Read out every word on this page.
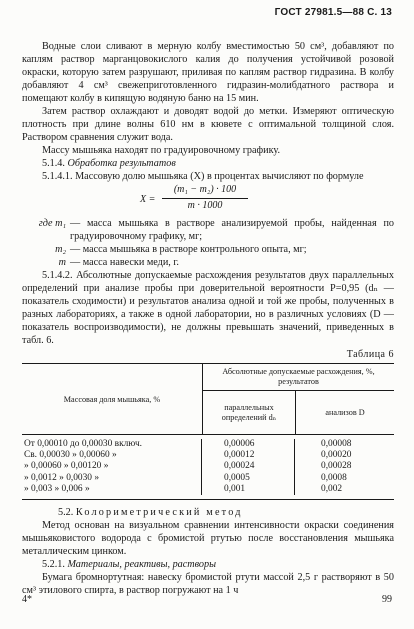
ГОСТ 27981.5—88 С. 13

Водные слои сливают в мерную колбу вместимостью 50 см³, добавляют по каплям раствор марганцовокислого калия до получения устойчивой розовой окраски, которую затем разрушают, приливая по каплям раствор гидразина. В колбу добавляют 4 см³ свежеприготовленного гидразин-молибдатного раствора и помещают колбу в кипящую водяную баню на 15 мин.

Затем раствор охлаждают и доводят водой до метки. Измеряют оптическую плотность при длине волны 610 нм в кювете с оптимальной толщиной слоя. Раствором сравнения служит вода.

Массу мышьяка находят по градуировочному графику.

5.1.4. Обработка результатов

5.1.4.1. Массовую долю мышьяка (X) в процентах вычисляют по формуле

X =
(m₁ − m₂) · 100
m · 1000
где m₁ — масса мышьяка в растворе анализируемой пробы, найденная по градуировочному графику, мг;
m₂ — масса мышьяка в растворе контрольного опыта, мг;
m — масса навески меди, г.

5.1.4.2. Абсолютные допускаемые расхождения результатов двух параллельных определений при анализе пробы при доверительной вероятности P=0,95 (dₙ — показатель сходимости) и результатов анализа одной и той же пробы, полученных в разных лабораториях, а также в одной лаборатории, но в различных условиях (D — показатель воспроизводимости), не должны превышать значений, приведенных в табл. 6.

Таблица 6
Массовая доля мышьяка, %
Абсолютные допускаемые расхождения, %, результатов
параллельных определений dₙ	анализов D
От 0,00010 до 0,00030 включ.	0,00006	0,00008
Св. 0,00030 » 0,00060 »	0,00012	0,00020
» 0,00060 » 0,00120 »	0,00024	0,00028
» 0,0012 » 0,0030 »	0,0005	0,0008
» 0,003 » 0,006 »	0,001	0,002

5.2. Колориметрический метод

Метод основан на визуальном сравнении интенсивности окраски соединения мышьяковистого водорода с бромистой ртутью после восстановления мышьяка металлическим цинком.

5.2.1. Материалы, реактивы, растворы

Бумага бромнортутная: навеску бромистой ртути массой 2,5 г растворяют в 50 см³ этилового спирта, в раствор погружают на 1 ч

4*	99
